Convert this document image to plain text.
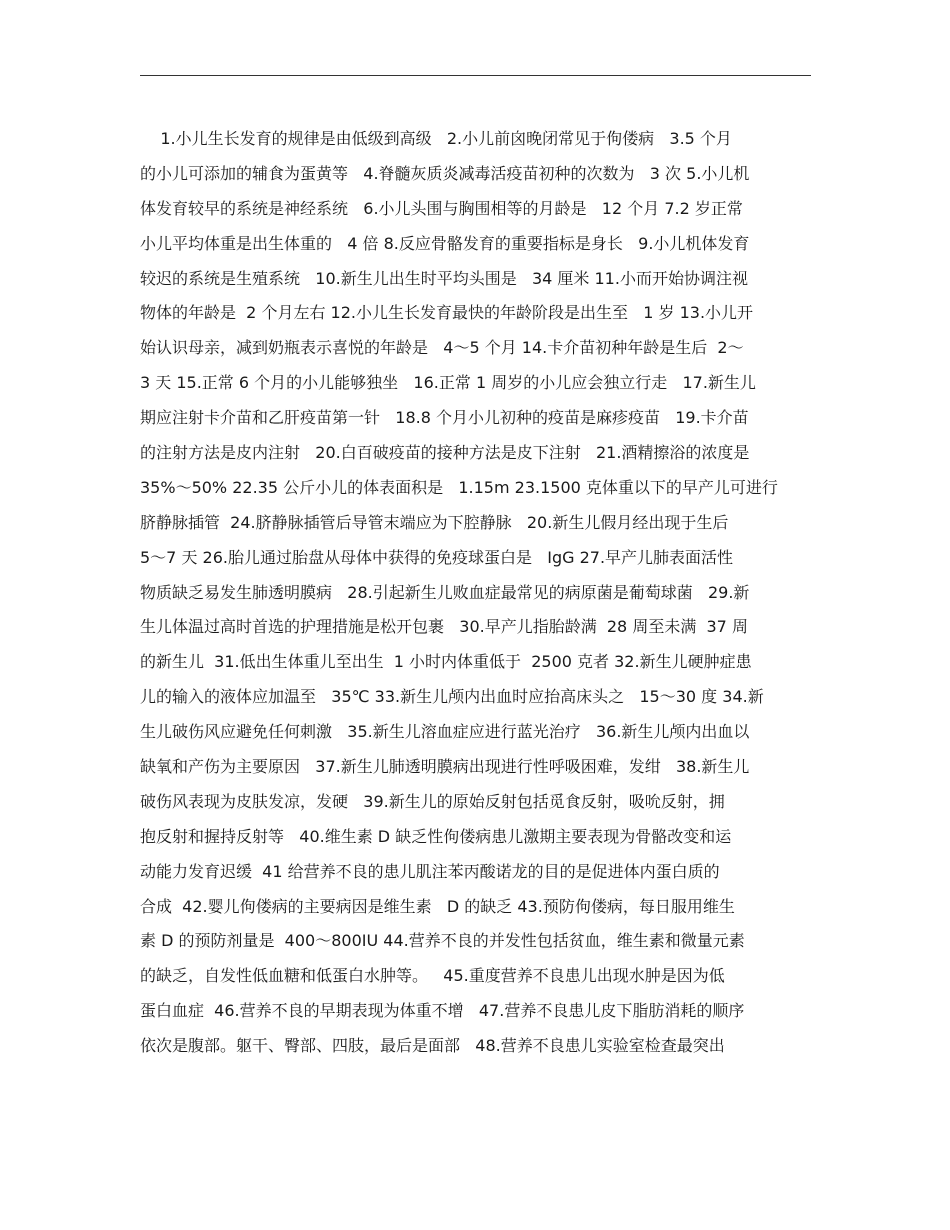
1.小儿生长发育的规律是由低级到高级   2.小儿前囟晚闭常见于佝偻病   3.5 个月
的小儿可添加的辅食为蛋黄等   4.脊髓灰质炎减毒活疫苗初种的次数为   3 次 5.小儿机
体发育较早的系统是神经系统   6.小儿头围与胸围相等的月龄是   12 个月 7.2 岁正常
小儿平均体重是出生体重的   4 倍 8.反应骨骼发育的重要指标是身长   9.小儿机体发育
较迟的系统是生殖系统   10.新生儿出生时平均头围是   34 厘米 11.小而开始协调注视
物体的年龄是  2 个月左右 12.小儿生长发育最快的年龄阶段是出生至   1 岁 13.小儿开
始认识母亲，减到奶瓶表示喜悦的年龄是   4～5 个月 14.卡介苗初种年龄是生后  2～
3 天 15.正常 6 个月的小儿能够独坐   16.正常 1 周岁的小儿应会独立行走   17.新生儿
期应注射卡介苗和乙肝疫苗第一针   18.8 个月小儿初种的疫苗是麻疹疫苗   19.卡介苗
的注射方法是皮内注射   20.白百破疫苗的接种方法是皮下注射   21.酒精擦浴的浓度是
35%～50% 22.35 公斤小儿的体表面积是   1.15m 23.1500 克体重以下的早产儿可进行
脐静脉插管  24.脐静脉插管后导管末端应为下腔静脉   20.新生儿假月经出现于生后
5～7 天 26.胎儿通过胎盘从母体中获得的免疫球蛋白是   IgG 27.早产儿肺表面活性
物质缺乏易发生肺透明膜病   28.引起新生儿败血症最常见的病原菌是葡萄球菌   29.新
生儿体温过高时首选的护理措施是松开包裹   30.早产儿指胎龄满  28 周至未满  37 周
的新生儿  31.低出生体重儿至出生  1 小时内体重低于  2500 克者 32.新生儿硬肿症患
儿的输入的液体应加温至   35℃ 33.新生儿颅内出血时应抬高床头之   15～30 度 34.新
生儿破伤风应避免任何刺激   35.新生儿溶血症应进行蓝光治疗   36.新生儿颅内出血以
缺氧和产伤为主要原因   37.新生儿肺透明膜病出现进行性呼吸困难，发绀   38.新生儿
破伤风表现为皮肤发凉，发硬   39.新生儿的原始反射包括觅食反射，吸吮反射，拥
抱反射和握持反射等   40.维生素 D 缺乏性佝偻病患儿激期主要表现为骨骼改变和运
动能力发育迟缓  41 给营养不良的患儿肌注苯丙酸诺龙的目的是促进体内蛋白质的
合成  42.婴儿佝偻病的主要病因是维生素   D 的缺乏 43.预防佝偻病，每日服用维生
素 D 的预防剂量是  400～800IU 44.营养不良的并发性包括贫血，维生素和微量元素
的缺乏，自发性低血糖和低蛋白水肿等。   45.重度营养不良患儿出现水肿是因为低
蛋白血症  46.营养不良的早期表现为体重不增   47.营养不良患儿皮下脂肪消耗的顺序
依次是腹部。躯干、臀部、四肢，最后是面部   48.营养不良患儿实验室检查最突出
